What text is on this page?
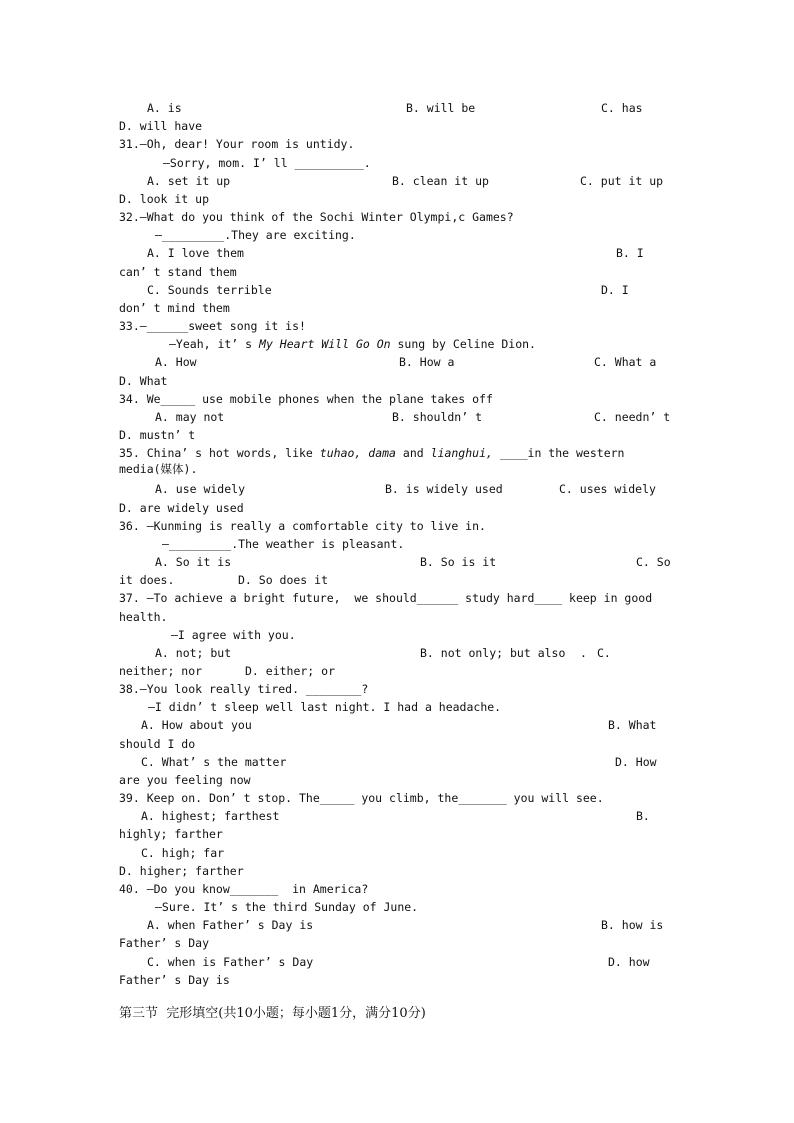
A. is	B. will be	C. has
D. will have
31.—Oh, dear! Your room is untidy.
—Sorry, mom. I’ ll __________.
A. set it up	B. clean it up	C. put it up
D. look it up
32.—What do you think of the Sochi Winter Olympi,c Games?
—_________.They are exciting.
A. I love them	B. I
can’ t stand them
C. Sounds terrible	D. I
don’ t mind them
33.—______sweet song it is!
—Yeah, it’ s My Heart Will Go On sung by Celine Dion.
A. How	B. How a	C. What a
D. What
34. We_____ use mobile phones when the plane takes off
A. may not	B. shouldn’ t	C. needn’ t
D. mustn’ t
35. China’ s hot words, like tuhao, dama and lianghui, ____in the western
media(媒体).
A. use widely	B. is widely used	C. uses widely
D. are widely used
36. —Kunming is really a comfortable city to live in.
—_________.The weather is pleasant.
A. So it is	B. So is it	C. So
it does.	D. So does it
37. —To achieve a bright future,  we should______ study hard____ keep in good
health.
—I agree with you.
A. not; but	B. not only; but also . C.
neither; nor	D. either; or
38.—You look really tired. ________?
—I didn’ t sleep well last night. I had a headache.
A. How about you	B. What
should I do
C. What’ s the matter	D. How
are you feeling now
39. Keep on. Don’ t stop. The_____ you climb, the_______ you will see.
A. highest; farthest	B.
highly; farther
C. high; far
D. higher; farther
40. —Do you know_______  in America?
—Sure. It’ s the third Sunday of June.
A. when Father’ s Day is	B. how is
Father’ s Day
C. when is Father’ s Day	D. how
Father’ s Day is
第三节  完形填空(共10小题；每小题1分，满分10分)
